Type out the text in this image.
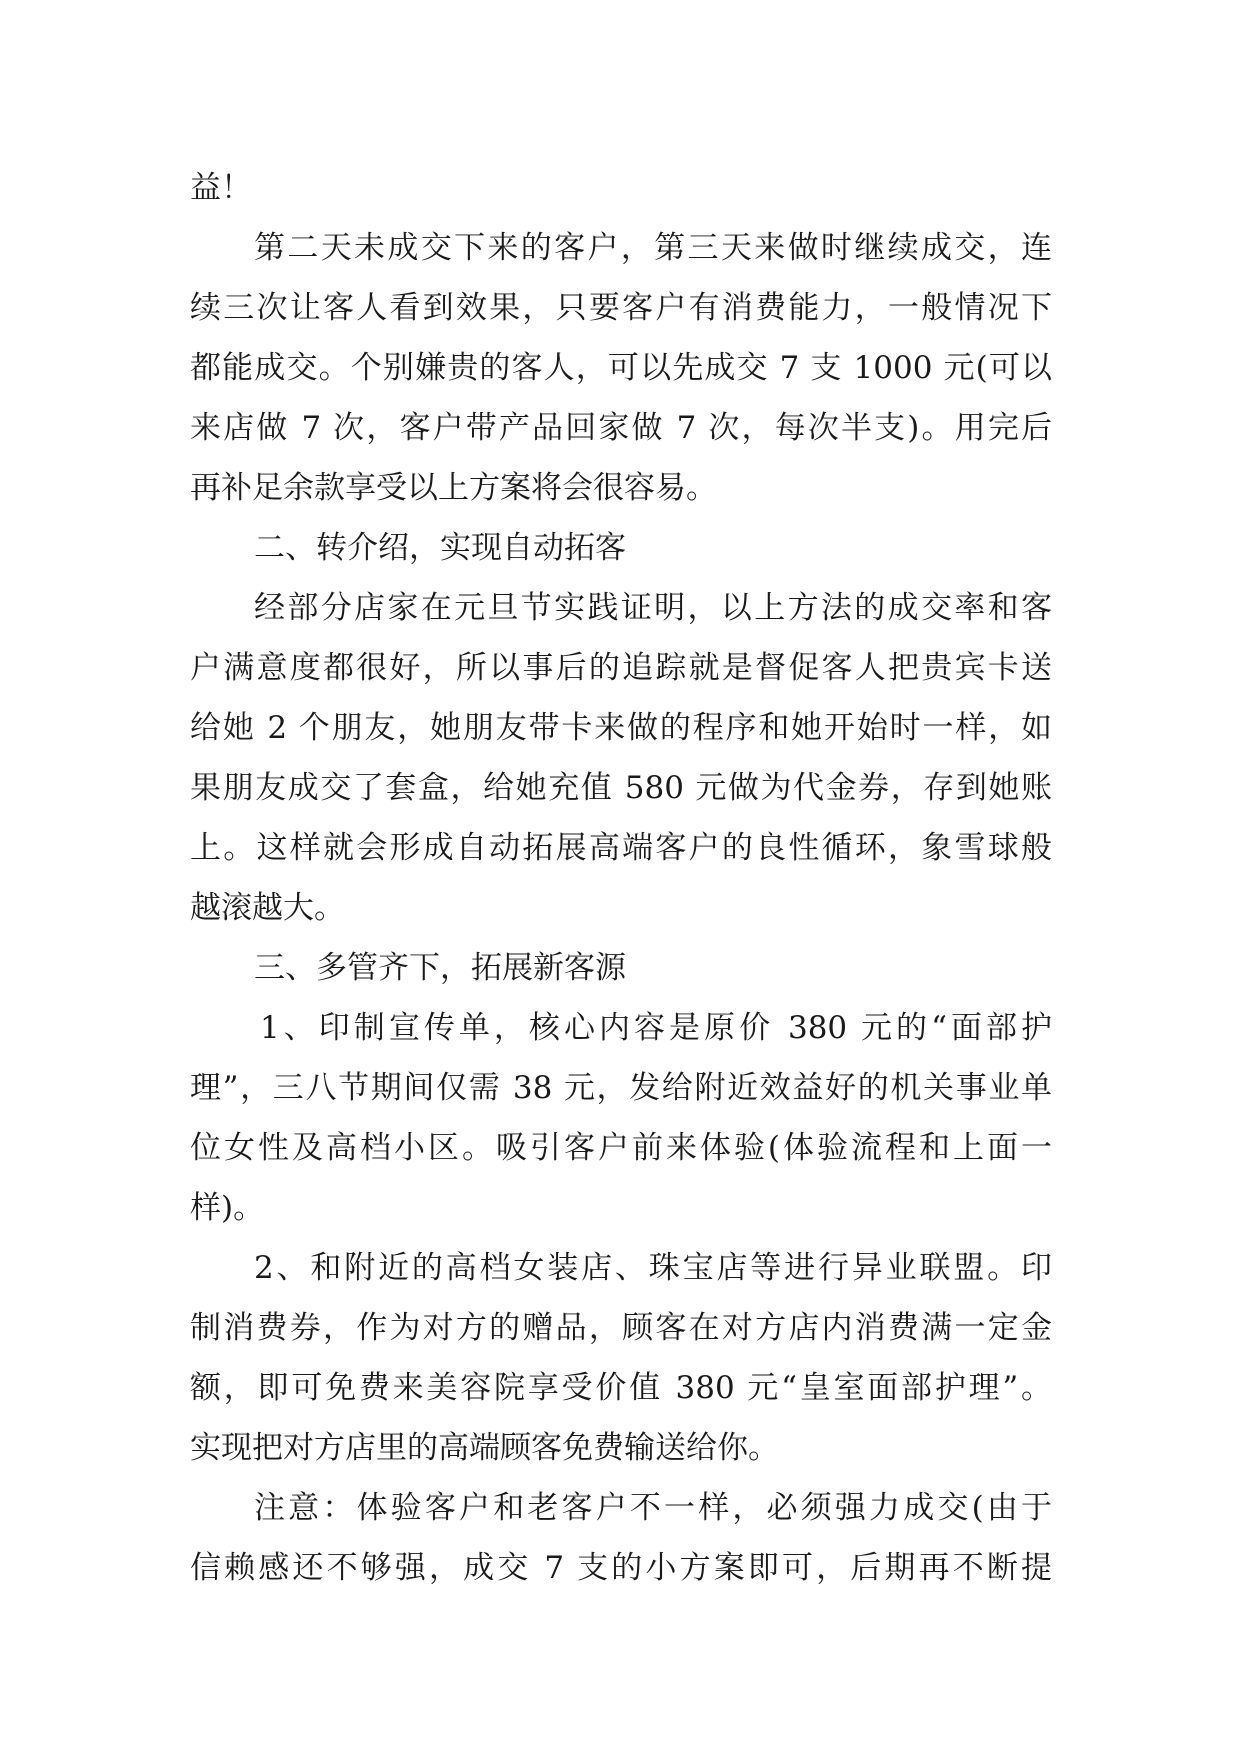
益！
第二天未成交下来的客户，第三天来做时继续成交，连
续三次让客人看到效果，只要客户有消费能力，一般情况下
都能成交。个别嫌贵的客人，可以先成交 7 支 1000 元(可以
来店做 7 次，客户带产品回家做 7 次，每次半支)。用完后
再补足余款享受以上方案将会很容易。
二、转介绍，实现自动拓客
经部分店家在元旦节实践证明，以上方法的成交率和客
户满意度都很好，所以事后的追踪就是督促客人把贵宾卡送
给她 2 个朋友，她朋友带卡来做的程序和她开始时一样，如
果朋友成交了套盒，给她充值 580 元做为代金券，存到她账
上。这样就会形成自动拓展高端客户的良性循环，象雪球般
越滚越大。
三、多管齐下，拓展新客源
1、印制宣传单，核心内容是原价 380 元的“面部护
理”，三八节期间仅需 38 元，发给附近效益好的机关事业单
位女性及高档小区。吸引客户前来体验(体验流程和上面一
样)。
2、和附近的高档女装店、珠宝店等进行异业联盟。印
制消费券，作为对方的赠品，顾客在对方店内消费满一定金
额，即可免费来美容院享受价值 380 元“皇室面部护理”。
实现把对方店里的高端顾客免费输送给你。
注意：体验客户和老客户不一样，必须强力成交(由于
信赖感还不够强，成交 7 支的小方案即可，后期再不断提
